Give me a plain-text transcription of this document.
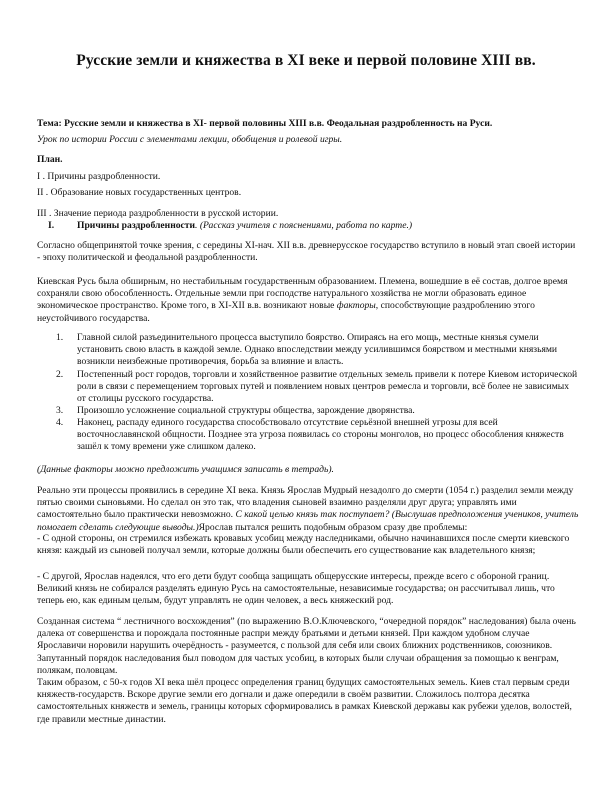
Русские земли и княжества в XI веке и первой половине XIII вв.
Тема: Русские земли и княжества в XI- первой половины XIII в.в. Феодальная раздробленность на Руси.
Урок по истории России с элементами лекции, обобщения и ролевой игры.
План.
I . Причины раздробленности.
II . Образование новых государственных центров.
III . Значение периода раздробленности в русской истории.
I. Причины раздробленности. (Рассказ учителя с пояснениями, работа по карте.)
Согласно общепринятой точке зрения, с середины XI-нач. XII в.в. древнерусское государство вступило в новый этап своей истории - эпоху политической и феодальной раздробленности.
Киевская Русь была обширным, но нестабильным государственным образованием. Племена, вошедшие в её состав, долгое время сохраняли свою обособленность. Отдельные земли при господстве натурального хозяйства не могли образовать единое экономическое пространство. Кроме того, в XI-XII в.в. возникают новые факторы, способствующие раздроблению этого неустойчивого государства.
1. Главной силой разъединительного процесса выступило боярство. Опираясь на его мощь, местные князья сумели установить свою власть в каждой земле. Однако впоследствии между усилившимся боярством и местными князьями возникли неизбежные противоречия, борьба за влияние и власть.
2. Постепенный рост городов, торговли и хозяйственное развитие отдельных земель привели к потере Киевом исторической роли в связи с перемещением торговых путей и появлением новых центров ремесла и торговли, всё более не зависимых от столицы русского государства.
3. Произошло усложнение социальной структуры общества, зарождение дворянства.
4. Наконец, распаду единого государства способствовало отсутствие серьёзной внешней угрозы для всей восточнославянской общности. Позднее эта угроза появилась со стороны монголов, но процесс обособления княжеств зашёл к тому времени уже слишком далеко.
(Данные факторы можно предложить учащимся записать в тетрадь).
Реально эти процессы проявились в середине XI века. Князь Ярослав Мудрый незадолго до смерти (1054 г.) разделил земли между пятью своими сыновьями. Но сделал он это так, что владения сыновей взаимно разделяли друг друга; управлять ими самостоятельно было практически невозможно. С какой целью князь так поступает? (Выслушав предположения учеников, учитель помогает сделать следующие выводы.)Ярослав пытался решить подобным образом сразу две проблемы:
- С одной стороны, он стремился избежать кровавых усобиц между наследниками, обычно начинавшихся после смерти киевского князя: каждый из сыновей получал земли, которые должны были обеспечить его существование как владетельного князя;
- С другой, Ярослав надеялся, что его дети будут сообща защищать общерусские интересы, прежде всего с обороной границ. Великий князь не собирался разделять единую Русь на самостоятельные, независимые государства; он рассчитывал лишь, что теперь ею, как единым целым, будут управлять не один человек, а весь княжеский род.
Созданная система “ лестничного восхождения” (по выражению В.О.Ключевского, “очередной порядок” наследования) была очень далека от совершенства и порождала постоянные распри между братьями и детьми князей. При каждом удобном случае Ярославичи норовили нарушить очерёдность - разумеется, с пользой для себя или своих ближних родственников, союзников. Запутанный порядок наследования был поводом для частых усобиц, в которых были случаи обращения за помощью к венграм, полякам, половцам.
Таким образом, с 50-х годов XI века шёл процесс определения границ будущих самостоятельных земель. Киев стал первым среди княжеств-государств. Вскоре другие земли его догнали и даже опередили в своём развитии. Сложилось полтора десятка самостоятельных княжеств и земель, границы которых сформировались в рамках Киевской державы как рубежи уделов, волостей, где правили местные династии.
